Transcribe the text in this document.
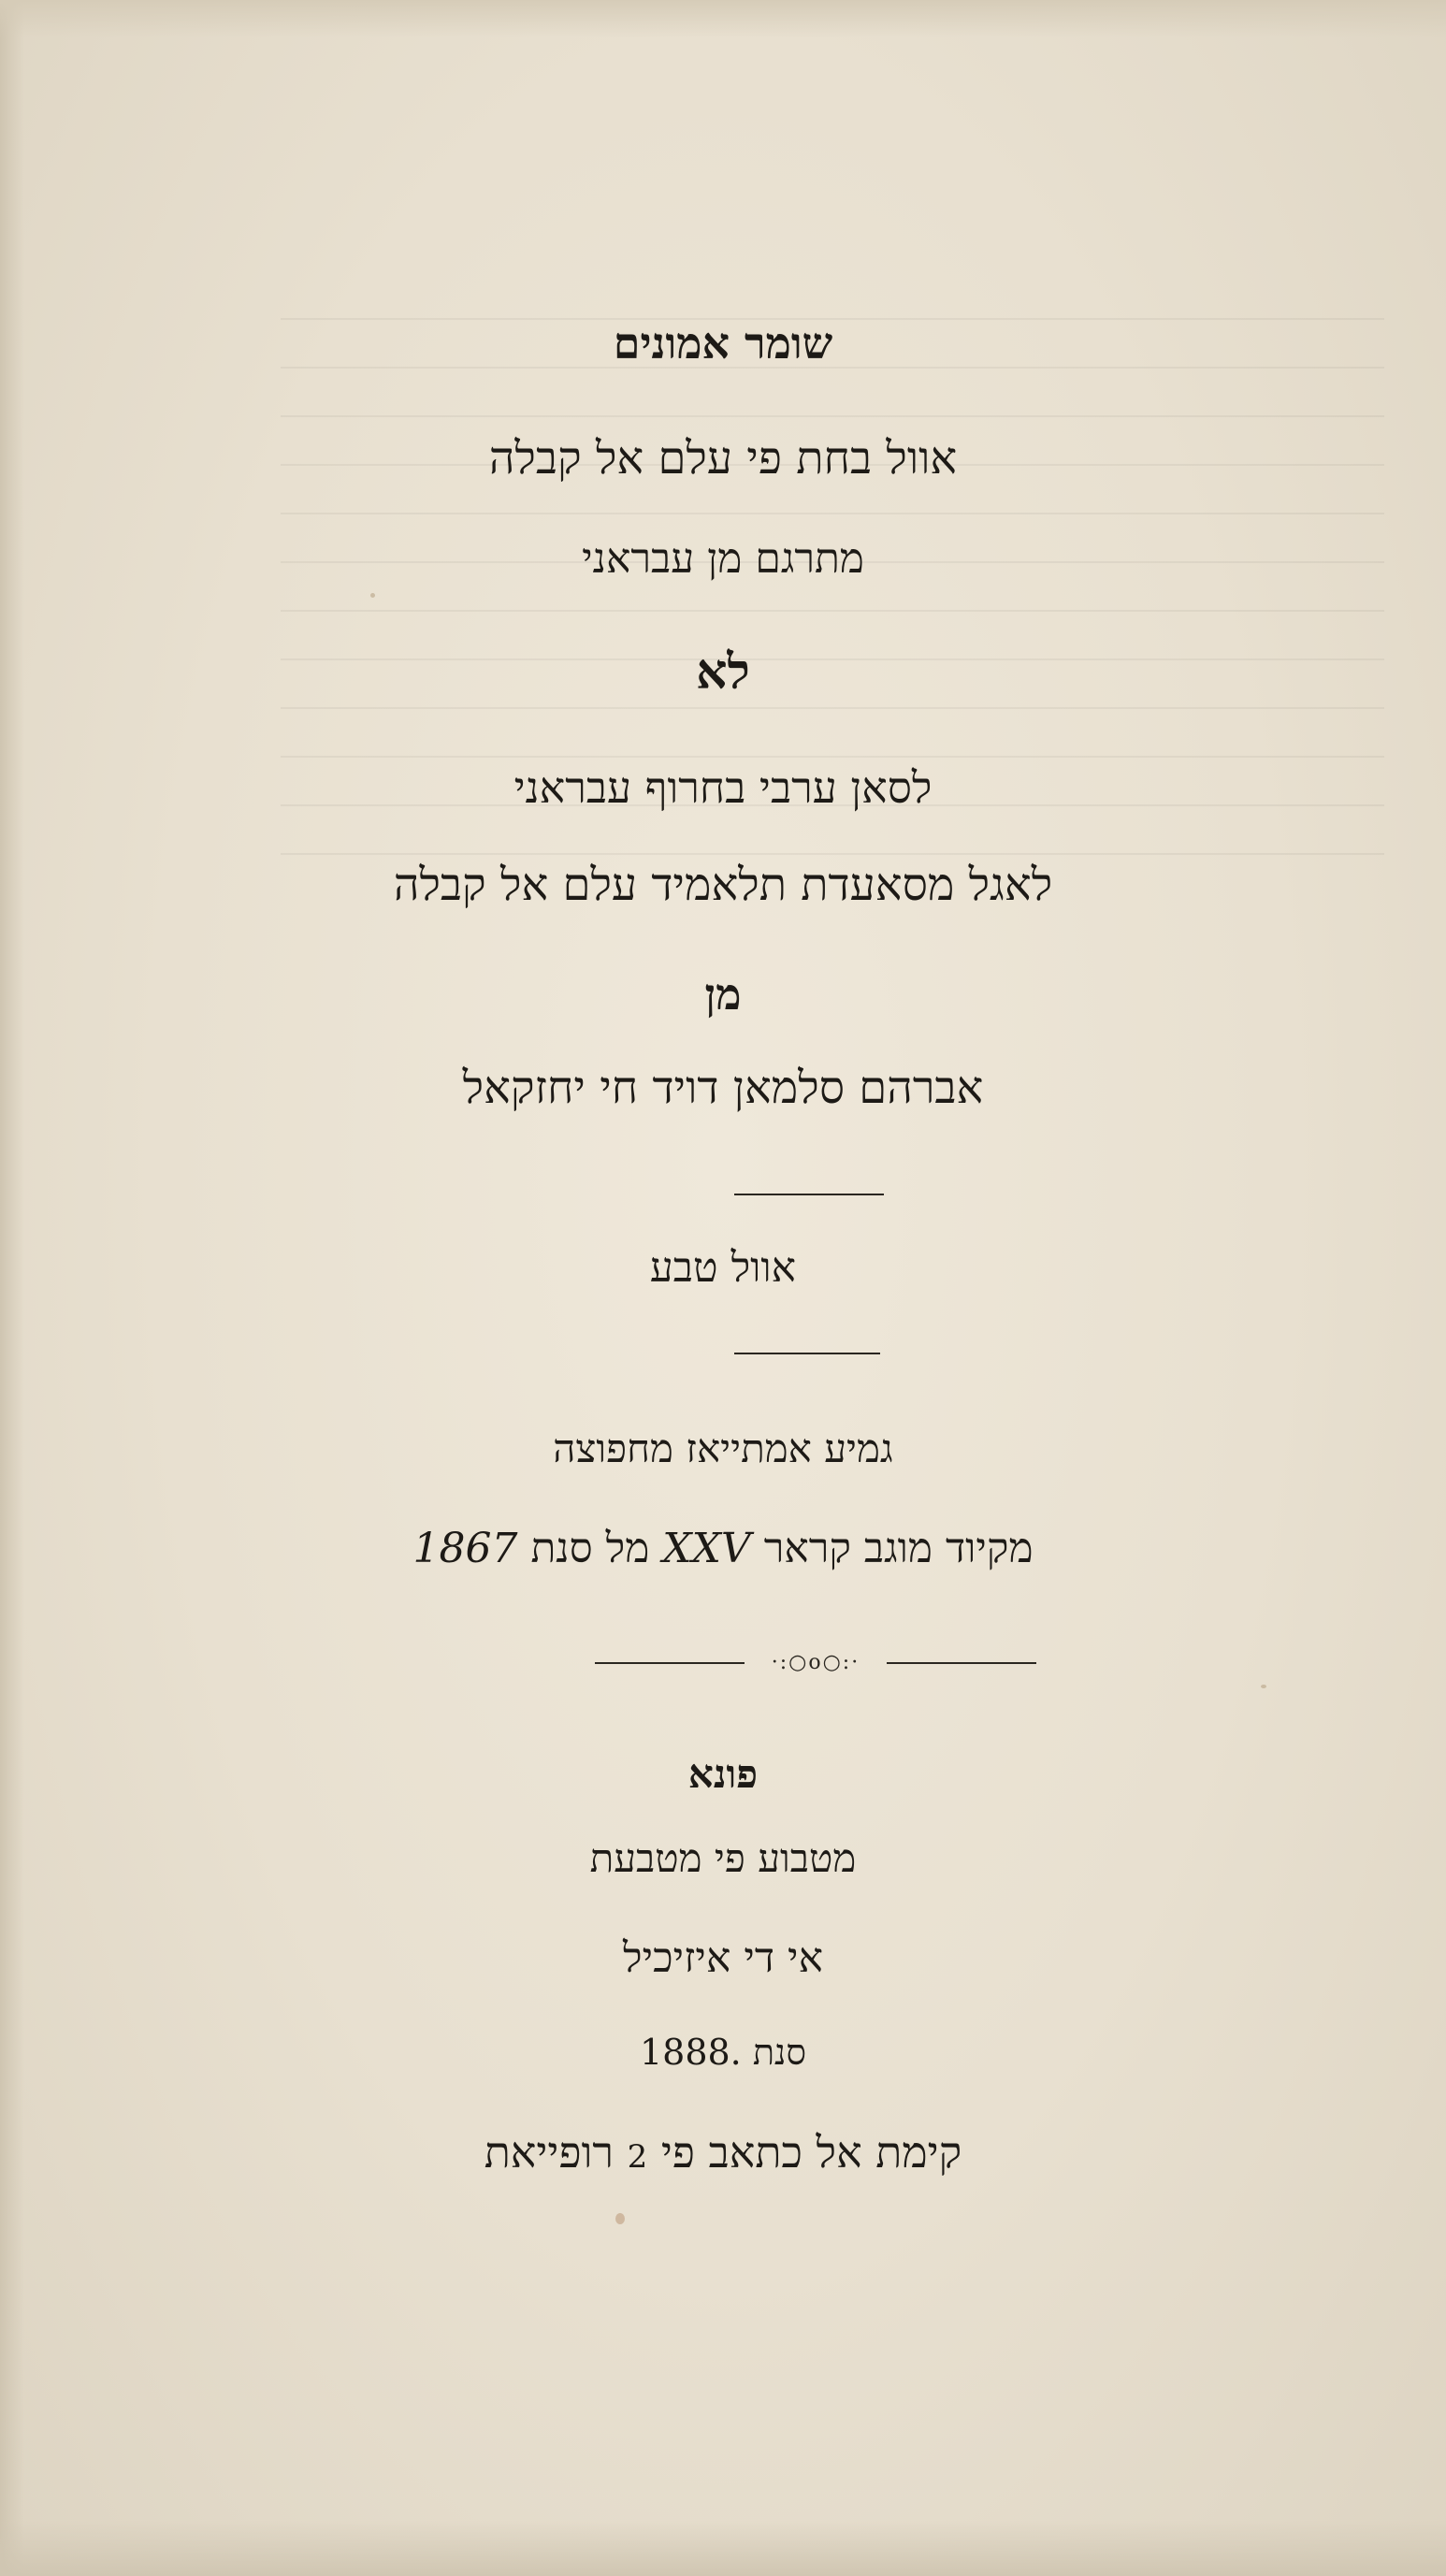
שומר אמונים
אוול בחת פי עלם אל קבלה
מתרגם מן עבראני
לא
לסאן ערבי בחרוף עבראני
לאגל מסאעדת תלאמיד עלם אל קבלה
מן
אברהם סלמאן דויד חי יחזקאל
אוול טבע
גמיע אמתייאז מחפוצה
מקיוד מוגב קראר XXV מל סנת 1867
·:○o○:·
פונא
מטבוע פי מטבעת
אי די איזיכיל
סנת 1888.
קימת אל כתאב פי 2 רופייאת
